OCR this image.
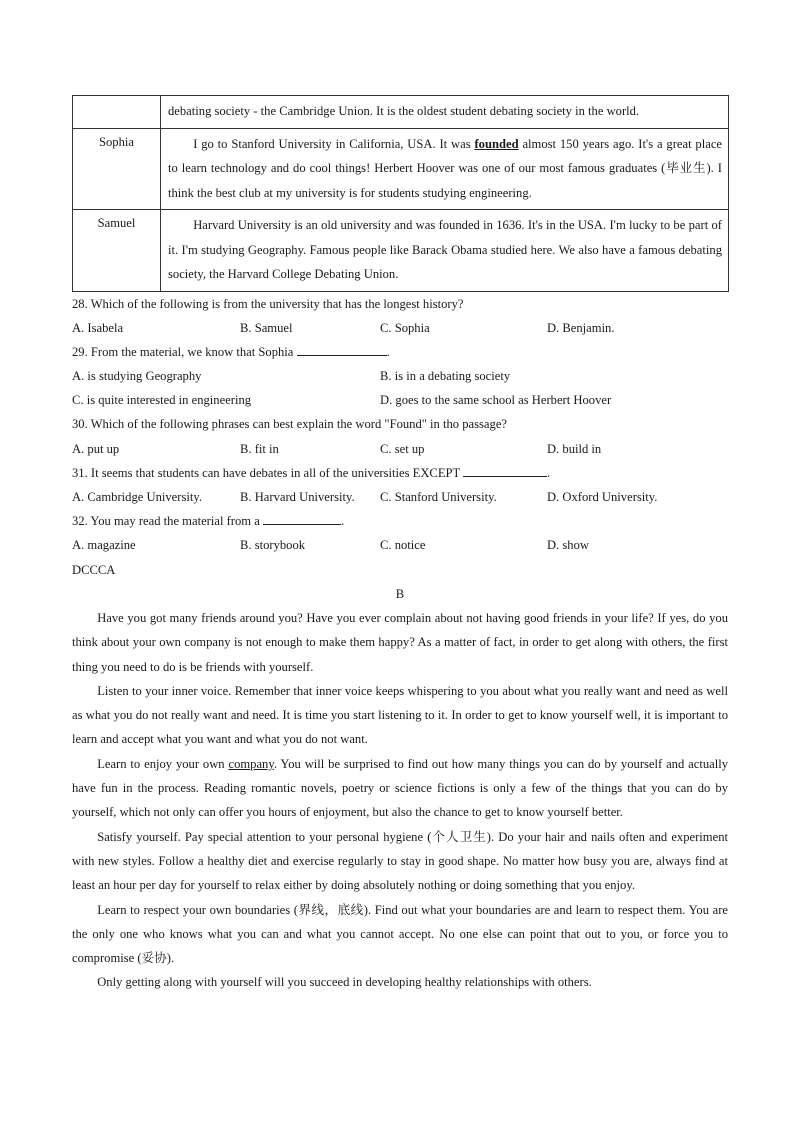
	debating society - the Cambridge Union. It is the oldest student debating society in the world.

Sophia	I go to Stanford University in California, USA. It was founded almost 150 years ago. It's a great place to learn technology and do cool things! Herbert Hoover was one of our most famous graduates (毕业生). I think the best club at my university is for students studying engineering.

Samuel	Harvard University is an old university and was founded in 1636. It's in the USA. I'm lucky to be part of it. I'm studying Geography. Famous people like Barack Obama studied here. We also have a famous debating society, the Harvard College Debating Union.

28. Which of the following is from the university that has the longest history?
A. Isabela	B. Samuel	C. Sophia	D. Benjamin.
29. From the material, we know that Sophia	.
A. is studying Geography	B. is in a debating society
C. is quite interested in engineering	D. goes to the same school as Herbert Hoover
30. Which of the following phrases can best explain the word "Found" in tho passage?
A. put up	B. fit in	C. set up	D. build in
31. It seems that students can have debates in all of the universities EXCEPT	.
A. Cambridge University.	B. Harvard University. C. Stanford University.	D. Oxford University.
32. You may read the material from a	.
A. magazine	B. storybook	C. notice	D. show
DCCCA
B

Have you got many friends around you? Have you ever complain about not having good friends in your life? If yes, do you think about your own company is not enough to make them happy? As a matter of fact, in order to get along with others, the first thing you need to do is be friends with yourself.

Listen to your inner voice. Remember that inner voice keeps whispering to you about what you really want and need as well as what you do not really want and need. It is time you start listening to it. In order to get to know yourself well, it is important to learn and accept what you want and what you do not want.

Learn to enjoy your own company. You will be surprised to find out how many things you can do by yourself and actually have fun in the process. Reading romantic novels, poetry or science fictions is only a few of the things that you can do by yourself, which not only can offer you hours of enjoyment, but also the chance to get to know yourself better.

Satisfy yourself. Pay special attention to your personal hygiene (个人卫生). Do your hair and nails often and experiment with new styles. Follow a healthy diet and exercise regularly to stay in good shape. No matter how busy you are, always find at least an hour per day for yourself to relax either by doing absolutely nothing or doing something that you enjoy.

Learn to respect your own boundaries (界线，底线). Find out what your boundaries are and learn to respect them. You are the only one who knows what you can and what you cannot accept. No one else can point that out to you, or force you to compromise (妥协).

Only getting along with yourself will you succeed in developing healthy relationships with others.
